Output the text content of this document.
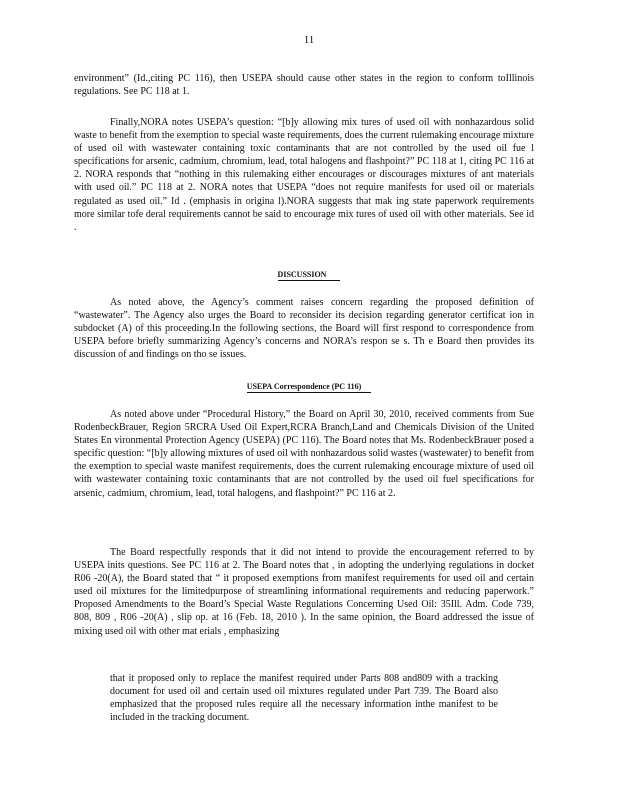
11
environment” (Id.,citing PC 116), then USEPA should cause other states in the region to conform toIllinois regulations. See PC 118 at 1.
Finally,NORA notes USEPA’s question: “[b]y allowing mix tures of used oil with nonhazardous solid waste to benefit from the exemption to special waste requirements, does the current rulemaking encourage mixture of used oil with wastewater containing toxic contaminants that are not controlled by the used oil fue l specifications for arsenic, cadmium, chromium, lead, total halogens and flashpoint?” PC 118 at 1, citing PC 116 at 2. NORA responds that “nothing in this rulemaking either encourages or discourages mixtures of ant materials with used oil.” PC 118 at 2. NORA notes that USEPA “does not require manifests for used oil or materials regulated as used oil.” Id . (emphasis in origina l).NORA suggests that mak ing state paperwork requirements more similar tofe deral requirements cannot be said to encourage mix tures of used oil with other materials. See id .
DISCUSSION
As noted above, the Agency’s comment raises concern regarding the proposed definition of “wastewater”. The Agency also urges the Board to reconsider its decision regarding generator certificat ion in subdocket (A) of this proceeding.In the following sections, the Board will first respond to correspondence from USEPA before briefly summarizing Agency’s concerns and NORA’s respon se s. Th e Board then provides its discussion of and findings on tho se issues.
USEPA Correspondence (PC 116)
As noted above under “Procedural History,” the Board on April 30, 2010, received comments from Sue RodenbeckBrauer, Region 5RCRA Used Oil Expert,RCRA Branch,Land and Chemicals Division of the United States En vironmental Protection Agency (USEPA) (PC 116). The Board notes that Ms. RodenbeckBrauer posed a specific question: “[b]y allowing mixtures of used oil with nonhazardous solid wastes (wastewater) to benefit from the exemption to special waste manifest requirements, does the current rulemaking encourage mixture of used oil with wastewater containing toxic contaminants that are not controlled by the used oil fuel specifications for arsenic, cadmium, chromium, lead, total halogens, and flashpoint?” PC 116 at 2.
The Board respectfully responds that it did not intend to provide the encouragement referred to by USEPA inits questions. See PC 116 at 2. The Board notes that , in adopting the underlying regulations in docket R06 -20(A), the Board stated that “ it proposed exemptions from manifest requirements for used oil and certain used oil mixtures for the limitedpurpose of streamlining informational requirements and reducing paperwork.” Proposed Amendments to the Board’s Special Waste Regulations Concerning Used Oil: 35Ill. Adm. Code 739, 808, 809 , R06 -20(A) , slip op. at 16 (Feb. 18, 2010 ). In the same opinion, the Board addressed the issue of mixing used oil with other mat erials , emphasizing
that it proposed only to replace the manifest required under Parts 808 and809 with a tracking document for used oil and certain used oil mixtures regulated under Part 739. The Board also emphasized that the proposed rules require all the necessary information inthe manifest to be included in the tracking document.
